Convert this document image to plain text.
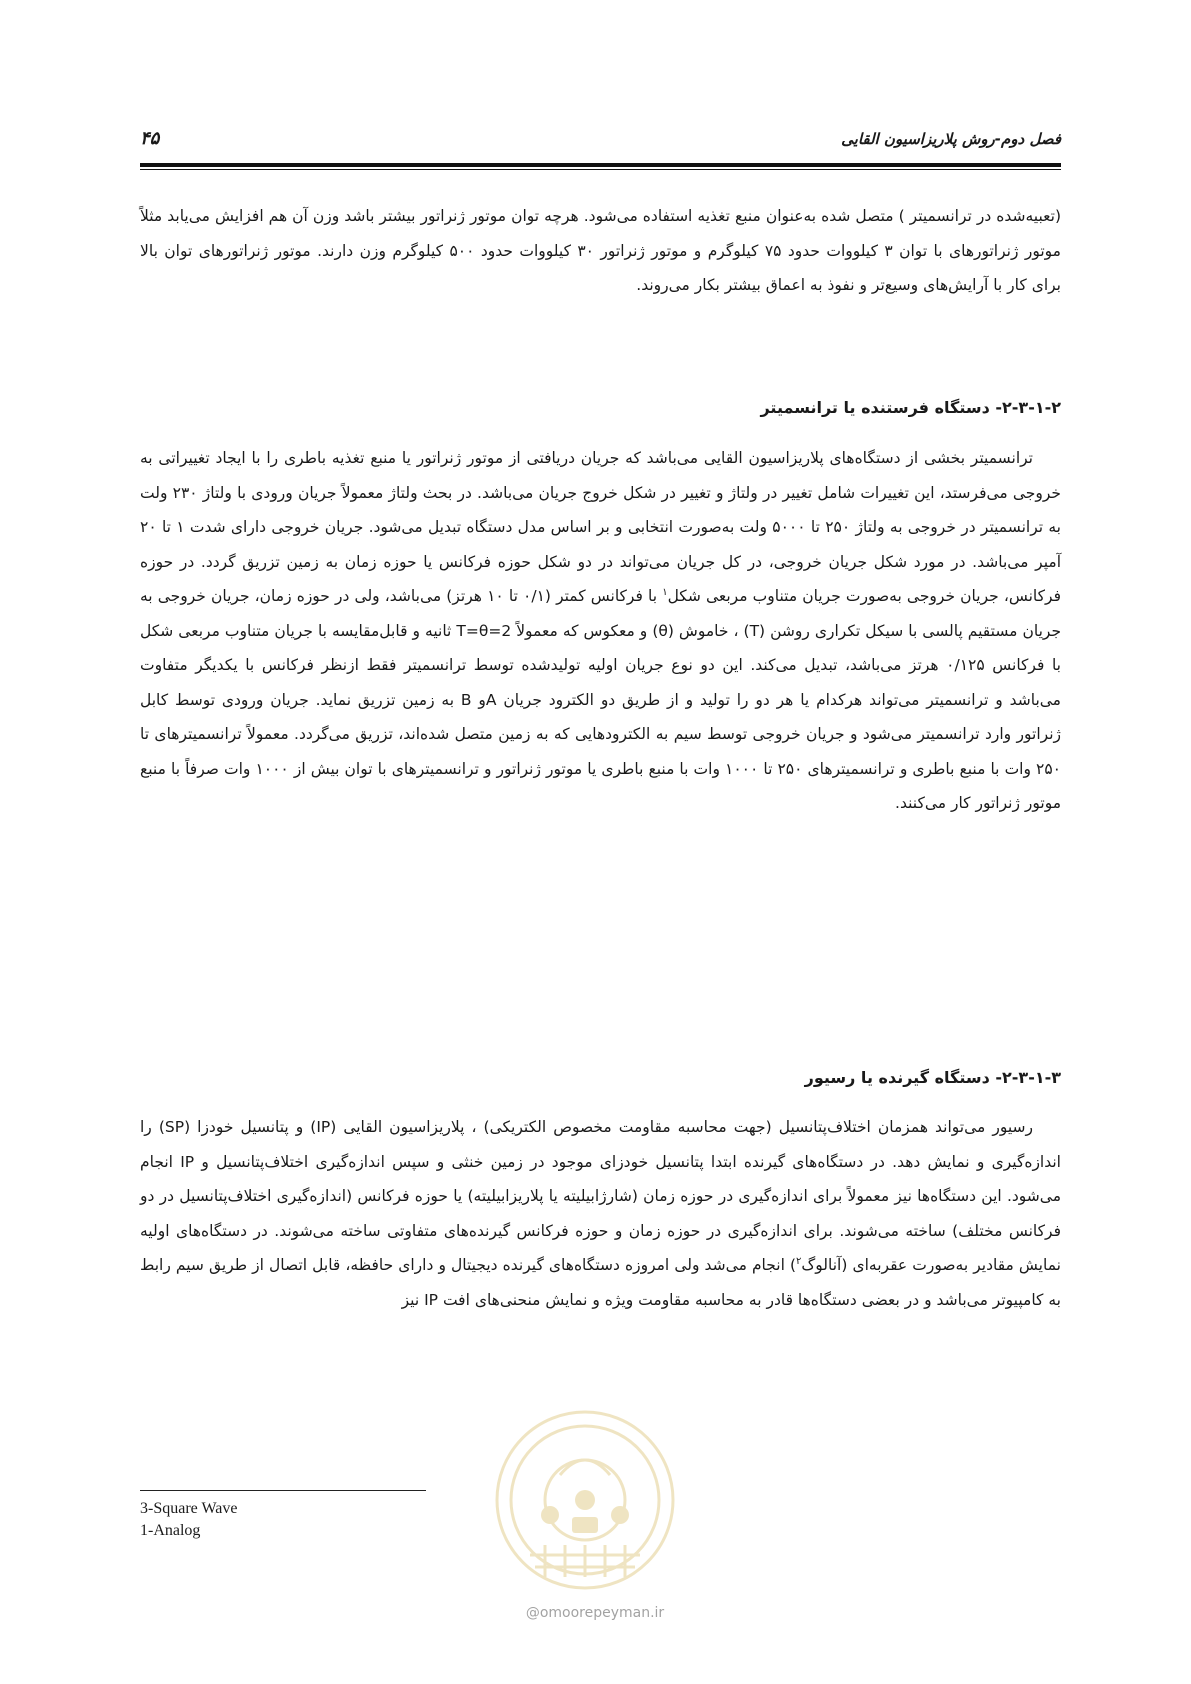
فصل دوم-روش پلاریزاسیون القایی
۴۵

(تعبیه‌شده در ترانسمیتر ) متصل شده به‌عنوان منبع تغذیه استفاده می‌شود. هرچه توان موتور ژنراتور بیشتر باشد وزن آن هم افزایش می‌یابد مثلاً موتور ژنراتورهای با توان ۳ کیلووات حدود ۷۵ کیلوگرم و موتور ژنراتور ۳۰ کیلووات حدود ۵۰۰ کیلوگرم وزن دارند. موتور ژنراتورهای توان بالا برای کار با آرایش‌های وسیع‌تر و نفوذ به اعماق بیشتر بکار می‌روند.

۲-۳-۱-۲- دستگاه فرستنده یا ترانسمیتر

ترانسمیتر بخشی از دستگاه‌های پلاریزاسیون القایی می‌باشد که جریان دریافتی از موتور ژنراتور یا منبع تغذیه باطری را با ایجاد تغییراتی به خروجی می‌فرستد، این تغییرات شامل تغییر در ولتاژ و تغییر در شکل خروج جریان می‌باشد. در بحث ولتاژ معمولاً جریان ورودی با ولتاژ ۲۳۰ ولت به ترانسمیتر در خروجی به ولتاژ ۲۵۰ تا ۵۰۰۰ ولت به‌صورت انتخابی و بر اساس مدل دستگاه تبدیل می‌شود. جریان خروجی دارای شدت ۱ تا ۲۰ آمپر می‌باشد. در مورد شکل جریان خروجی، در کل جریان می‌تواند در دو شکل حوزه فرکانس یا حوزه زمان به زمین تزریق گردد. در حوزه فرکانس، جریان خروجی به‌صورت جریان متناوب مربعی شکل$^۱$ با فرکانس کمتر (۰/۱ تا ۱۰ هرتز) می‌باشد، ولی در حوزه زمان، جریان خروجی به جریان مستقیم پالسی با سیکل تکراری روشن (T) ، خاموش (θ) و معکوس که معمولاً T=θ=2 ثانیه و قابل‌مقایسه با جریان متناوب مربعی شکل با فرکانس ۰/۱۲۵ هرتز می‌باشد، تبدیل می‌کند. این دو نوع جریان اولیه تولیدشده توسط ترانسمیتر فقط ازنظر فرکانس با یکدیگر متفاوت می‌باشد و ترانسمیتر می‌تواند هرکدام یا هر دو را تولید و از طریق دو الکترود جریان Aو B به زمین تزریق نماید. جریان ورودی توسط کابل ژنراتور وارد ترانسمیتر می‌شود و جریان خروجی توسط سیم به الکترودهایی که به زمین متصل شده‌اند، تزریق می‌گردد. معمولاً ترانسمیترهای تا ۲۵۰ وات با منبع باطری و ترانسمیترهای ۲۵۰ تا ۱۰۰۰ وات با منبع باطری یا موتور ژنراتور و ترانسمیترهای با توان بیش از ۱۰۰۰ وات صرفاً با منبع موتور ژنراتور کار می‌کنند.

۲-۳-۱-۳- دستگاه گیرنده یا رسیور

رسیور می‌تواند همزمان اختلاف‌پتانسیل (جهت محاسبه مقاومت مخصوص الکتریکی) ، پلاریزاسیون القایی (IP) و پتانسیل خودزا (SP) را اندازه‌گیری و نمایش دهد. در دستگاه‌های گیرنده ابتدا پتانسیل خودزای موجود در زمین خنثی و سپس اندازه‌گیری اختلاف‌پتانسیل و IP انجام می‌شود. این دستگاه‌ها نیز معمولاً برای اندازه‌گیری در حوزه زمان (شارژابیلیته یا پلاریزابیلیته) یا حوزه فرکانس (اندازه‌گیری اختلاف‌پتانسیل در دو فرکانس مختلف) ساخته می‌شوند. برای اندازه‌گیری در حوزه زمان و حوزه فرکانس گیرنده‌های متفاوتی ساخته می‌شوند. در دستگاه‌های اولیه نمایش مقادیر به‌صورت عقربه‌ای (آنالوگ$^۲$) انجام می‌شد ولی امروزه دستگاه‌های گیرنده دیجیتال و دارای حافظه، قابل اتصال از طریق سیم رابط به کامپیوتر می‌باشد و در بعضی دستگاه‌ها قادر به محاسبه مقاومت ویژه و نمایش منحنی‌های افت IP نیز

3-Square Wave
1-Analog
@omoorepeyman.ir
